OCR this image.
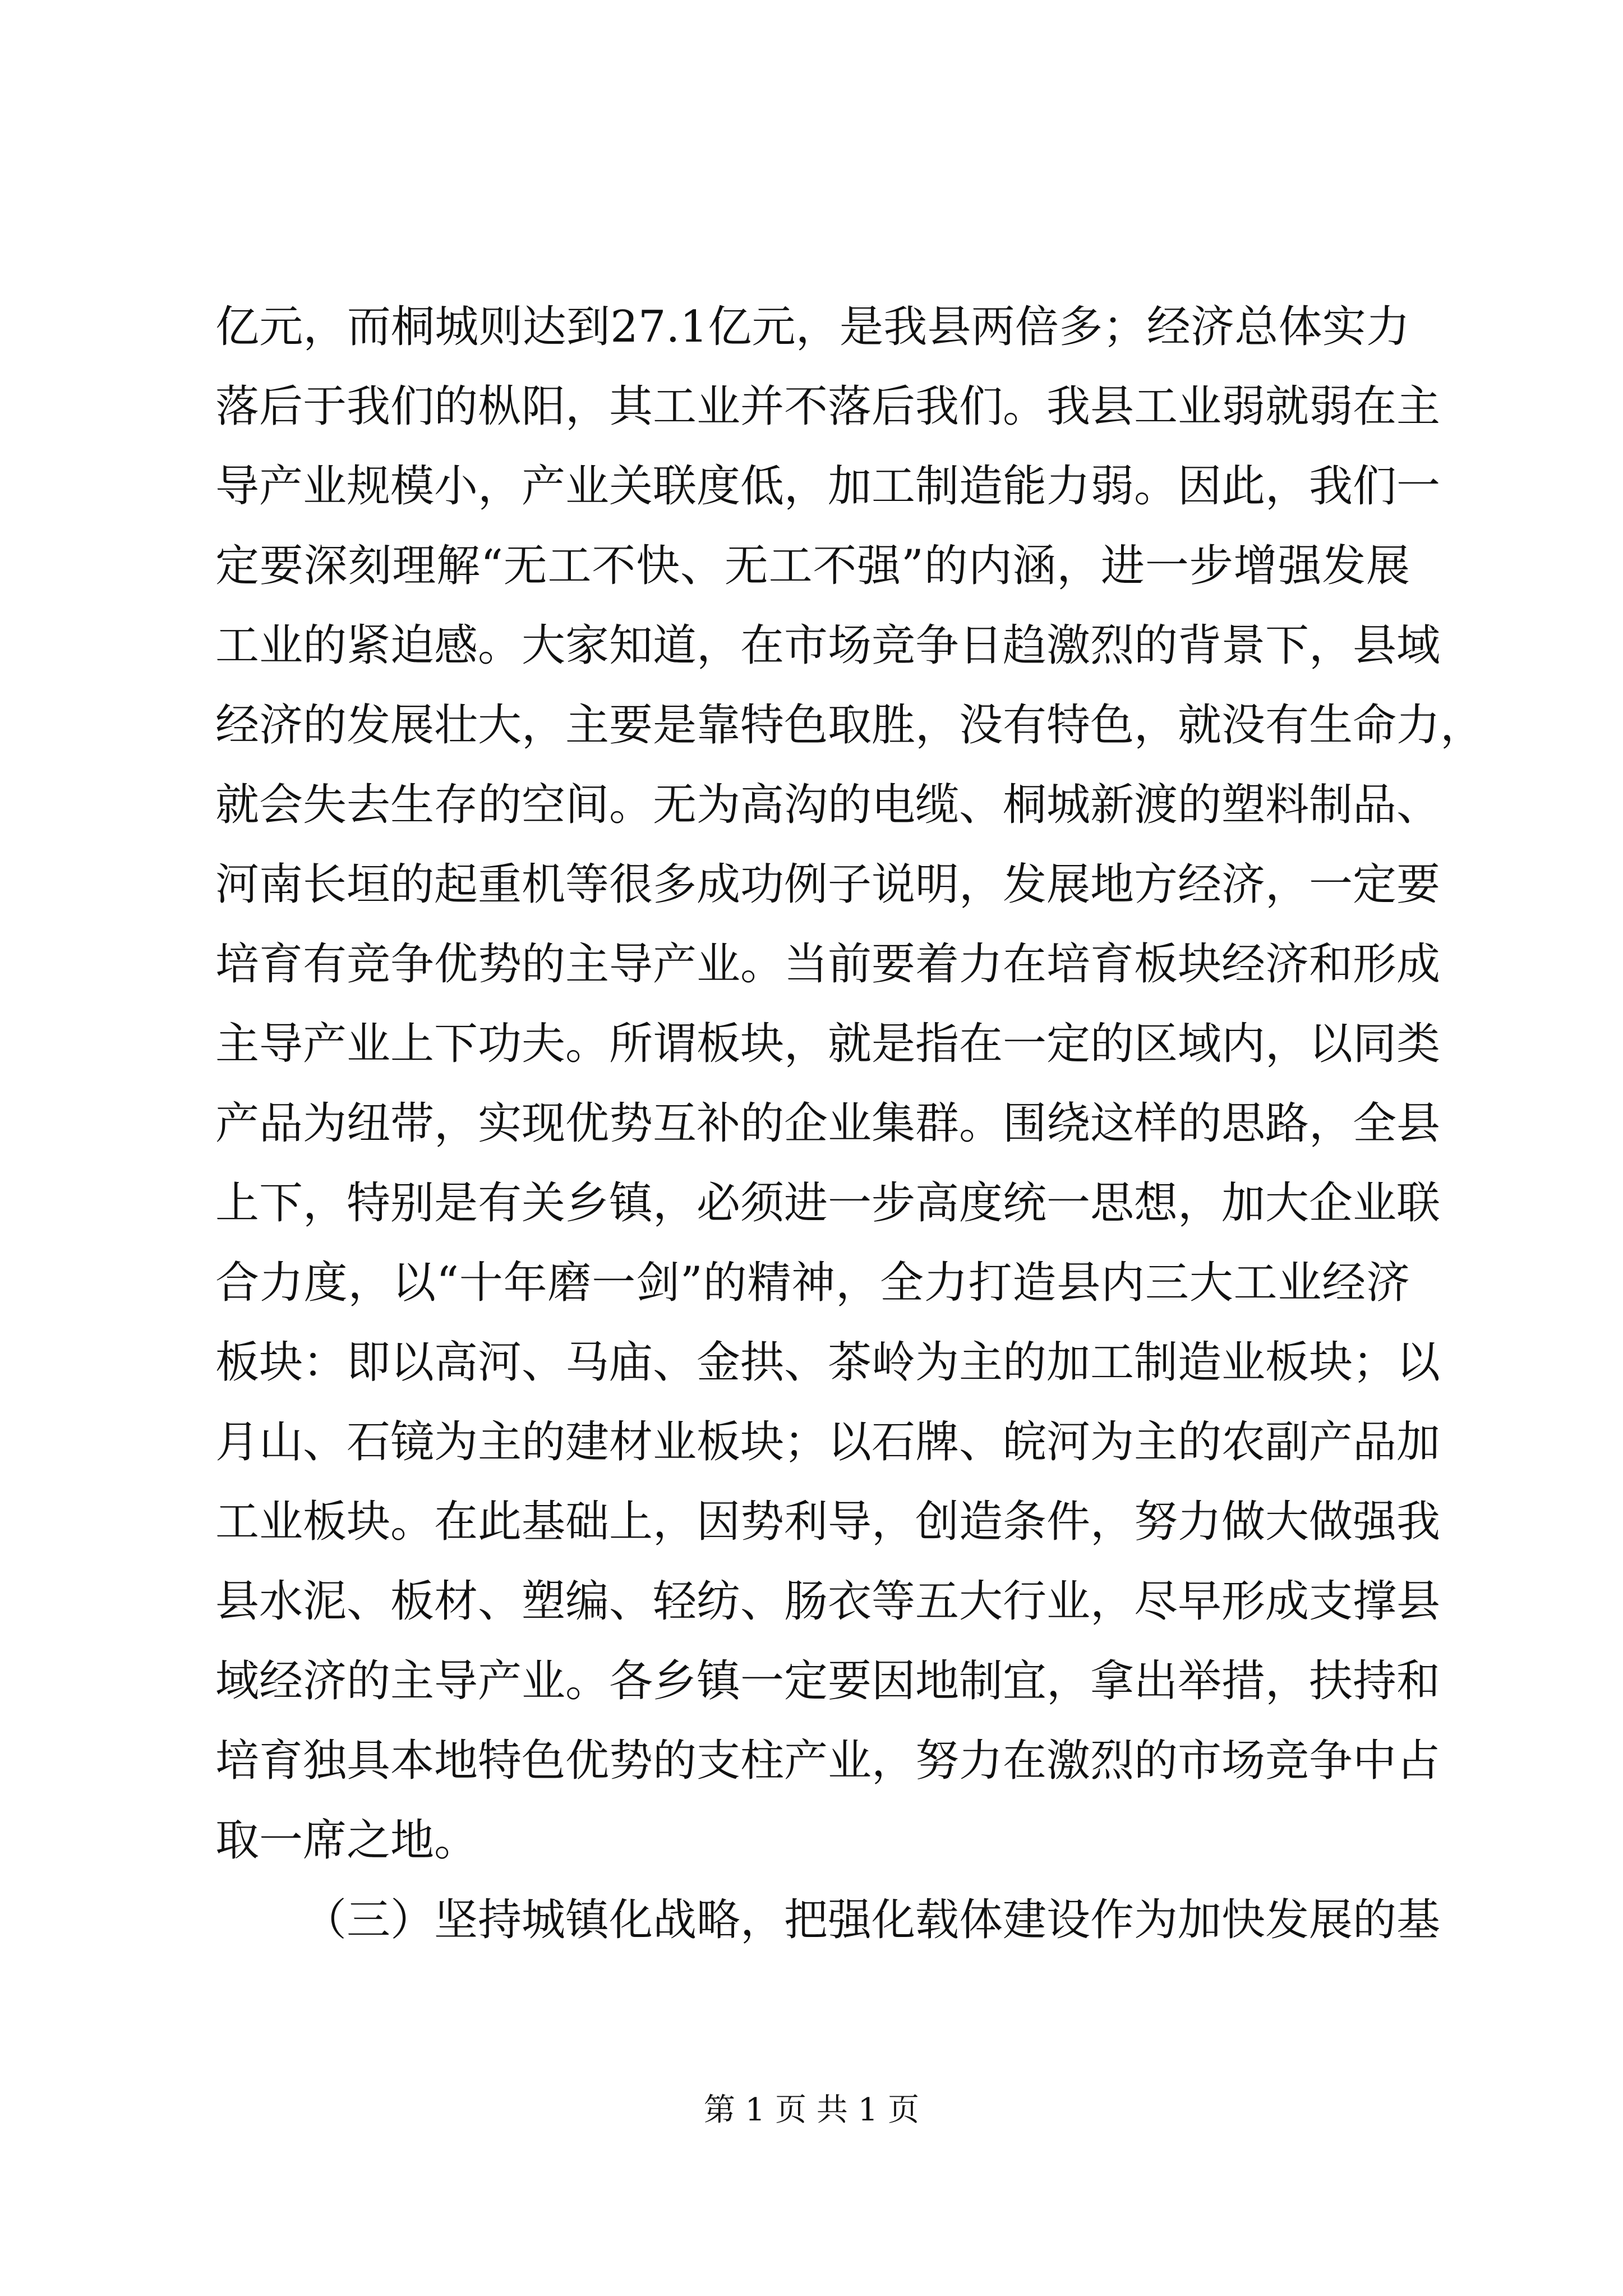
亿元，而桐城则达到27.1亿元，是我县两倍多；经济总体实力
落后于我们的枞阳，其工业并不落后我们。我县工业弱就弱在主
导产业规模小，产业关联度低，加工制造能力弱。因此，我们一
定要深刻理解“无工不快、无工不强”的内涵，进一步增强发展
工业的紧迫感。大家知道，在市场竞争日趋激烈的背景下，县域
经济的发展壮大，主要是靠特色取胜，没有特色，就没有生命力，
就会失去生存的空间。无为高沟的电缆、桐城新渡的塑料制品、
河南长垣的起重机等很多成功例子说明，发展地方经济，一定要
培育有竞争优势的主导产业。当前要着力在培育板块经济和形成
主导产业上下功夫。所谓板块，就是指在一定的区域内，以同类
产品为纽带，实现优势互补的企业集群。围绕这样的思路，全县
上下，特别是有关乡镇，必须进一步高度统一思想，加大企业联
合力度，以“十年磨一剑”的精神，全力打造县内三大工业经济
板块：即以高河、马庙、金拱、茶岭为主的加工制造业板块；以
月山、石镜为主的建材业板块；以石牌、皖河为主的农副产品加
工业板块。在此基础上，因势利导，创造条件，努力做大做强我
县水泥、板材、塑编、轻纺、肠衣等五大行业，尽早形成支撑县
域经济的主导产业。各乡镇一定要因地制宜，拿出举措，扶持和
培育独具本地特色优势的支柱产业，努力在激烈的市场竞争中占
取一席之地。
（三）坚持城镇化战略，把强化载体建设作为加快发展的基
第 1 页 共 1 页
